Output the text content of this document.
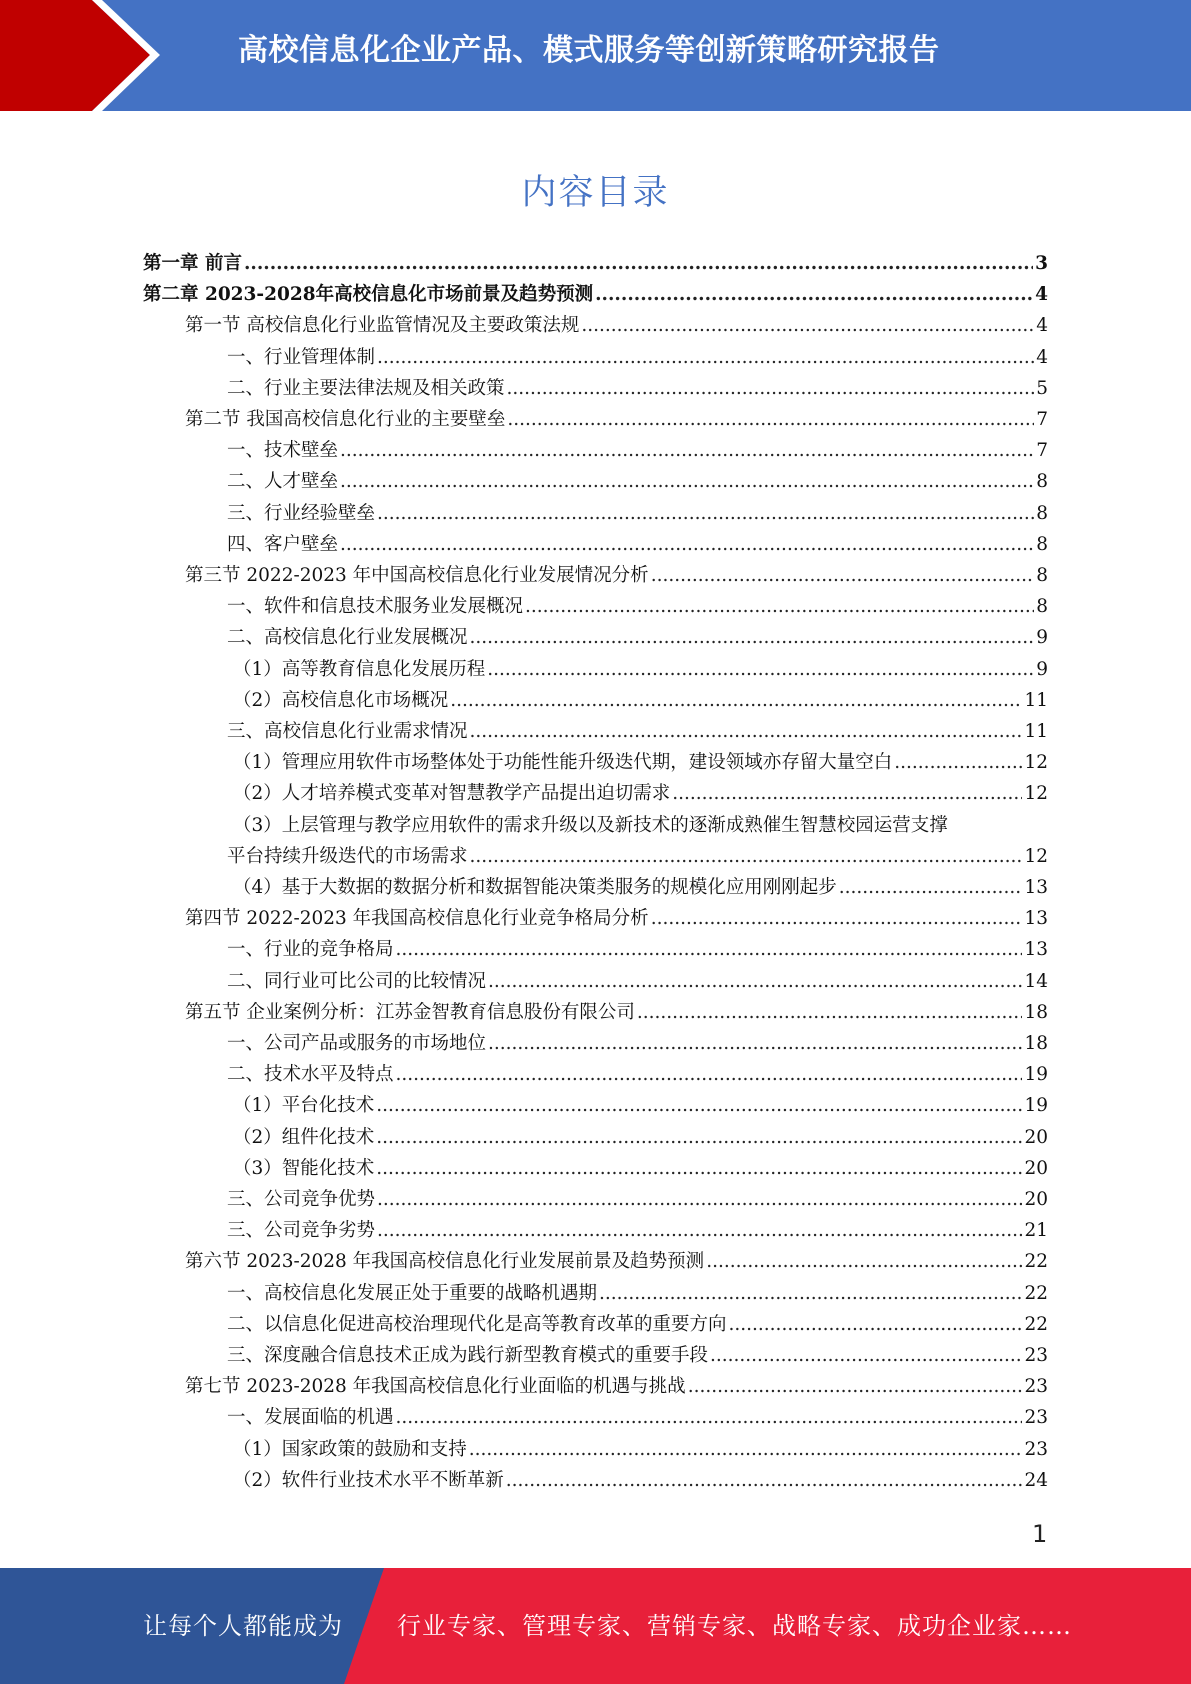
高校信息化企业产品、模式服务等创新策略研究报告
内容目录
第一章 前言 .....	3
第二章 2023-2028年高校信息化市场前景及趋势预测 .....	4
第一节 高校信息化行业监管情况及主要政策法规 .....	4
一、行业管理体制 .....	4
二、行业主要法律法规及相关政策 .....	5
第二节 我国高校信息化行业的主要壁垒 .....	7
一、技术壁垒 .....	7
二、人才壁垒 .....	8
三、行业经验壁垒 .....	8
四、客户壁垒 .....	8
第三节 2022-2023 年中国高校信息化行业发展情况分析 .....	8
一、软件和信息技术服务业发展概况 .....	8
二、高校信息化行业发展概况 .....	9
（1）高等教育信息化发展历程 .....	9
（2）高校信息化市场概况 .....	11
三、高校信息化行业需求情况 .....	11
（1）管理应用软件市场整体处于功能性能升级迭代期，建设领域亦存留大量空白 .....	12
（2）人才培养模式变革对智慧教学产品提出迫切需求 .....	12
（3）上层管理与教学应用软件的需求升级以及新技术的逐渐成熟催生智慧校园运营支撑
平台持续升级迭代的市场需求 .....	12
（4）基于大数据的数据分析和数据智能决策类服务的规模化应用刚刚起步 .....	13
第四节 2022-2023 年我国高校信息化行业竞争格局分析 .....	13
一、行业的竞争格局 .....	13
二、同行业可比公司的比较情况 .....	14
第五节 企业案例分析：江苏金智教育信息股份有限公司 .....	18
一、公司产品或服务的市场地位 .....	18
二、技术水平及特点 .....	19
（1）平台化技术 .....	19
（2）组件化技术 .....	20
（3）智能化技术 .....	20
三、公司竞争优势 .....	20
三、公司竞争劣势 .....	21
第六节 2023-2028 年我国高校信息化行业发展前景及趋势预测 .....	22
一、高校信息化发展正处于重要的战略机遇期 .....	22
二、以信息化促进高校治理现代化是高等教育改革的重要方向 .....	22
三、深度融合信息技术正成为践行新型教育模式的重要手段 .....	23
第七节 2023-2028 年我国高校信息化行业面临的机遇与挑战 .....	23
一、发展面临的机遇 .....	23
（1）国家政策的鼓励和支持 .....	23
（2）软件行业技术水平不断革新 .....	24
1
让每个人都能成为 行业专家、管理专家、营销专家、战略专家、成功企业家……
